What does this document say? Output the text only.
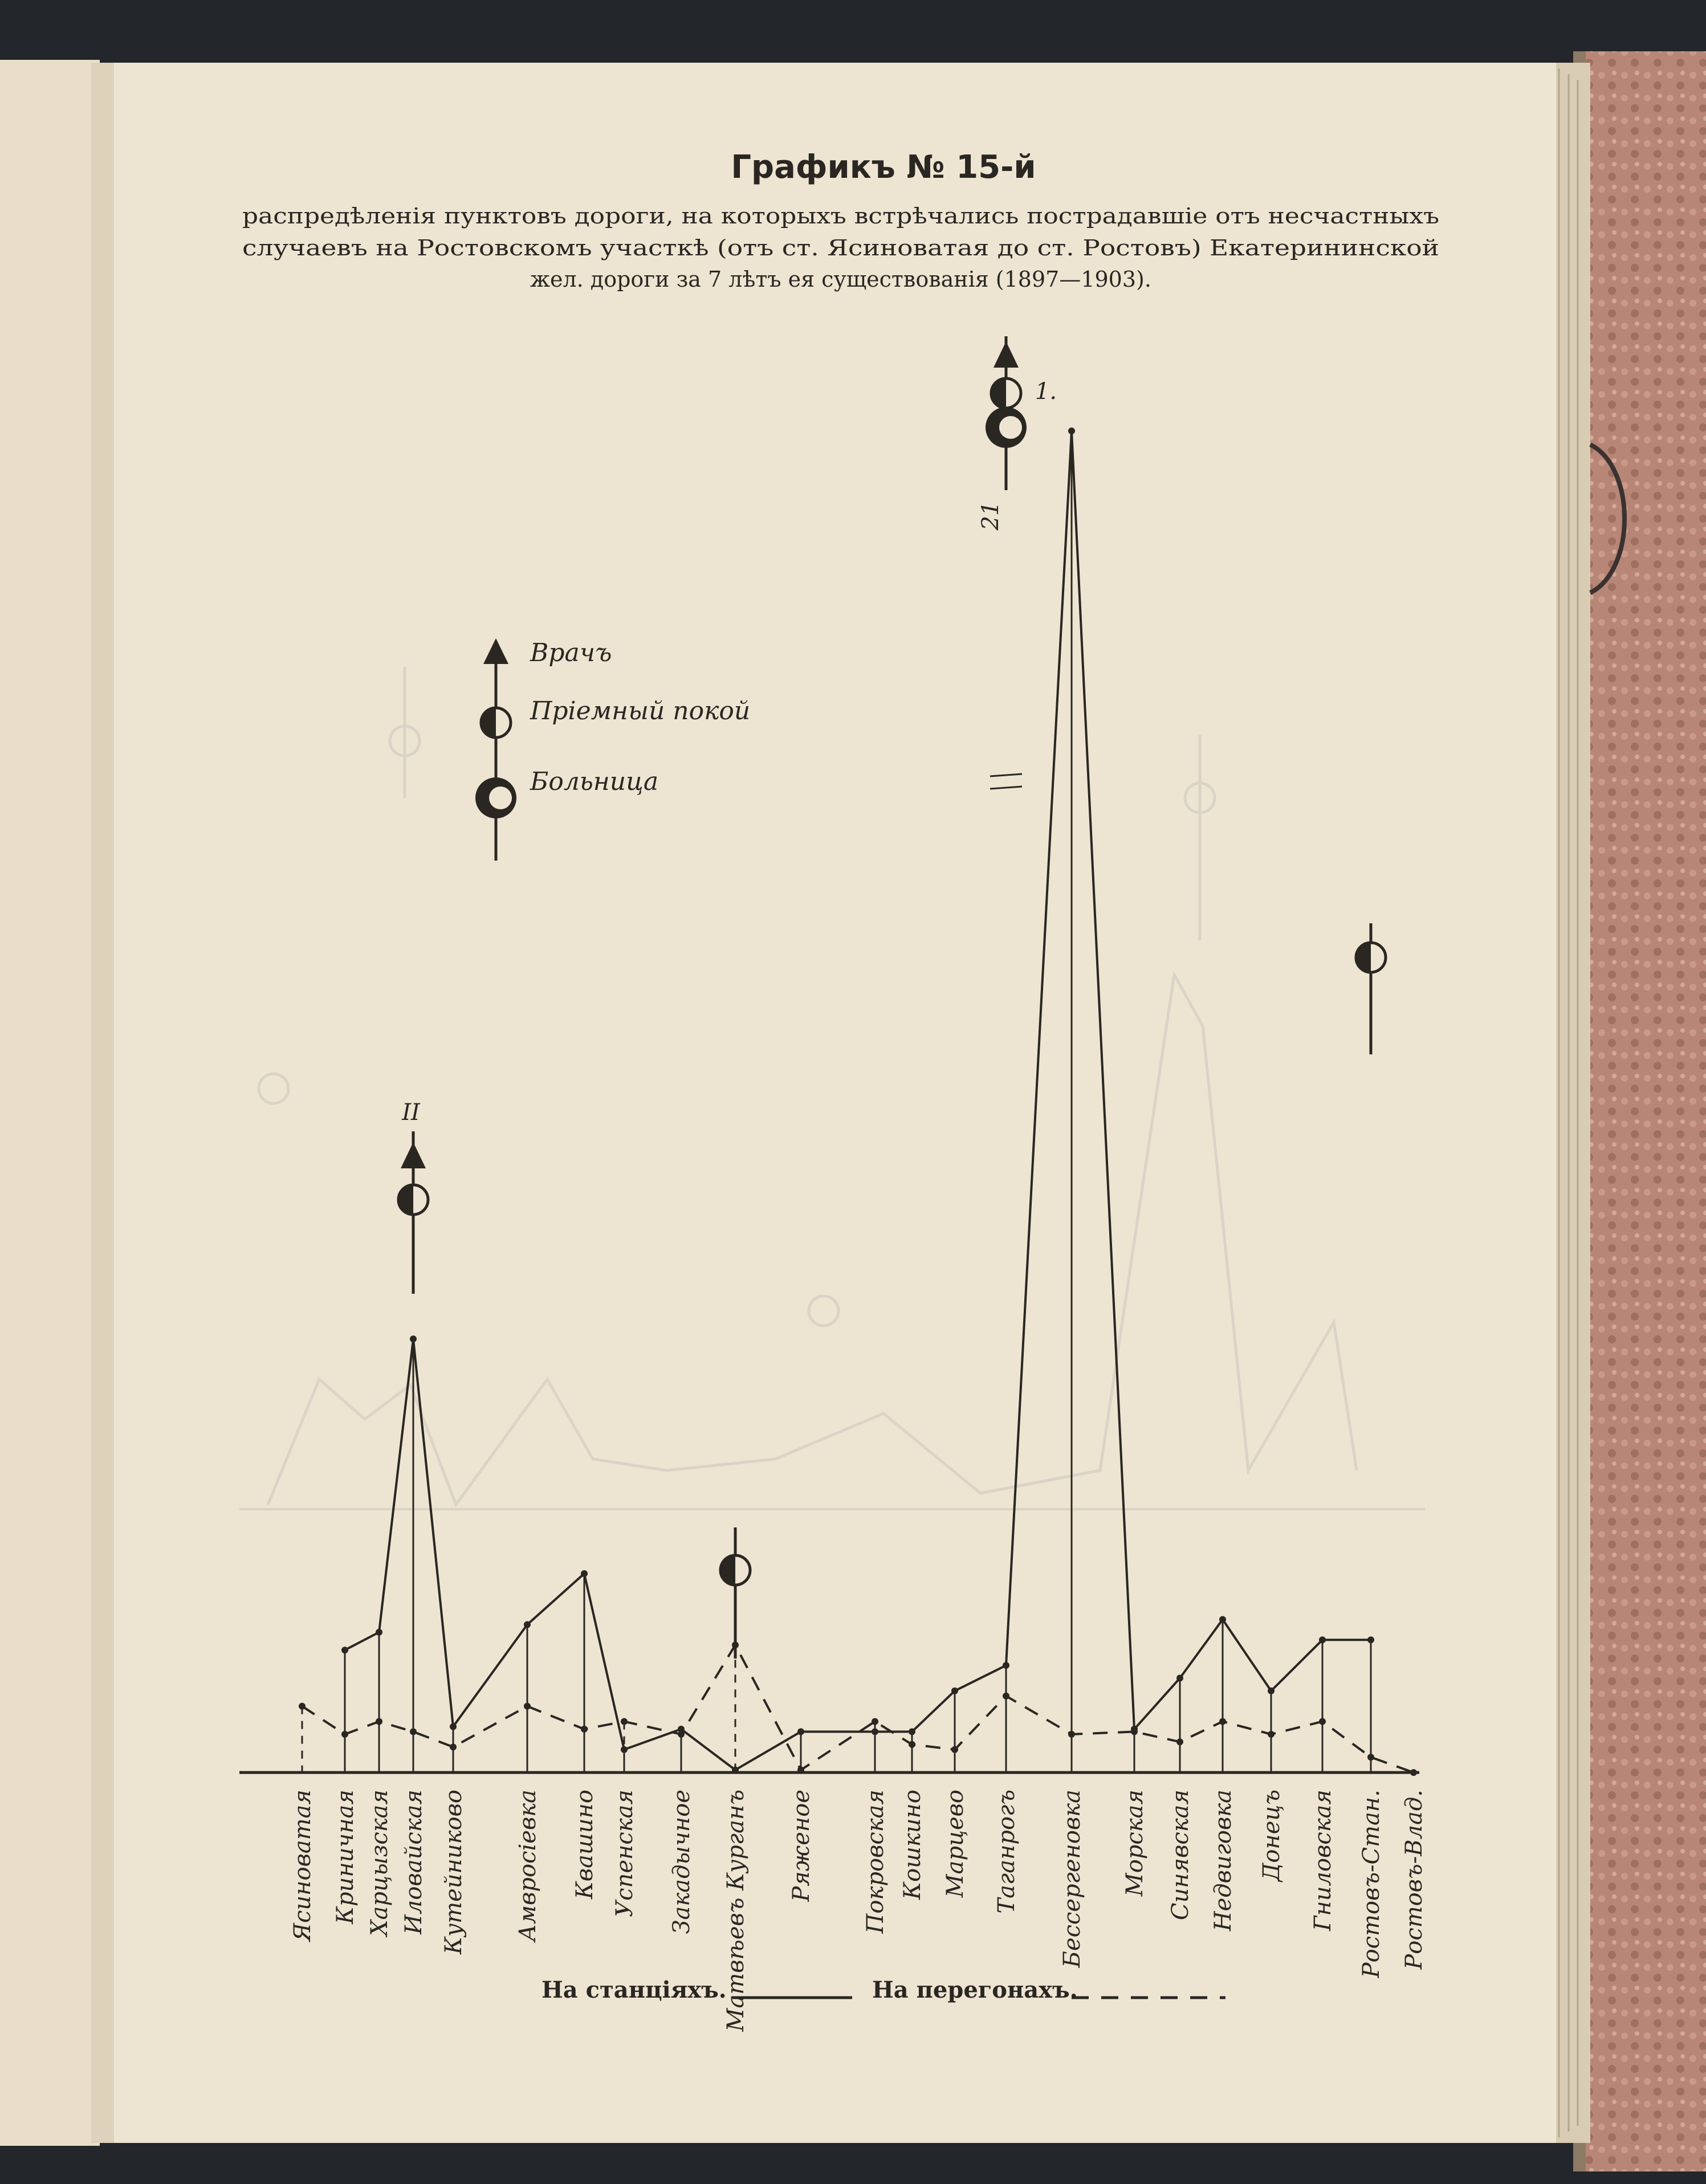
Графикъ № 15-й
распредѣленія пунктовъ дороги, на которыхъ встрѣчались пострадавшіе отъ несчастныхъ
случаевъ на Ростовскомъ участкѣ (отъ ст. Ясиноватая до ст. Ростовъ) Екатерининской
жел. дороги за 7 лѣтъ ея существованія (1897—1903).
II
21
1.
Ясиноватая Криничная Харцызская Иловайская Кутейниково Амвросіевка Квашино Успенская Закадычное Матвѣевъ Курганъ Ряженое Покровская Кошкино Марцево Таганрогъ Бессергеновка Морская Синявская Недвиговка Донецъ Гниловская Ростовъ-Стан. Ростовъ-Влад.
Врачъ
Пріемный покой
Больница
На станціяхъ.	На перегонахъ.
